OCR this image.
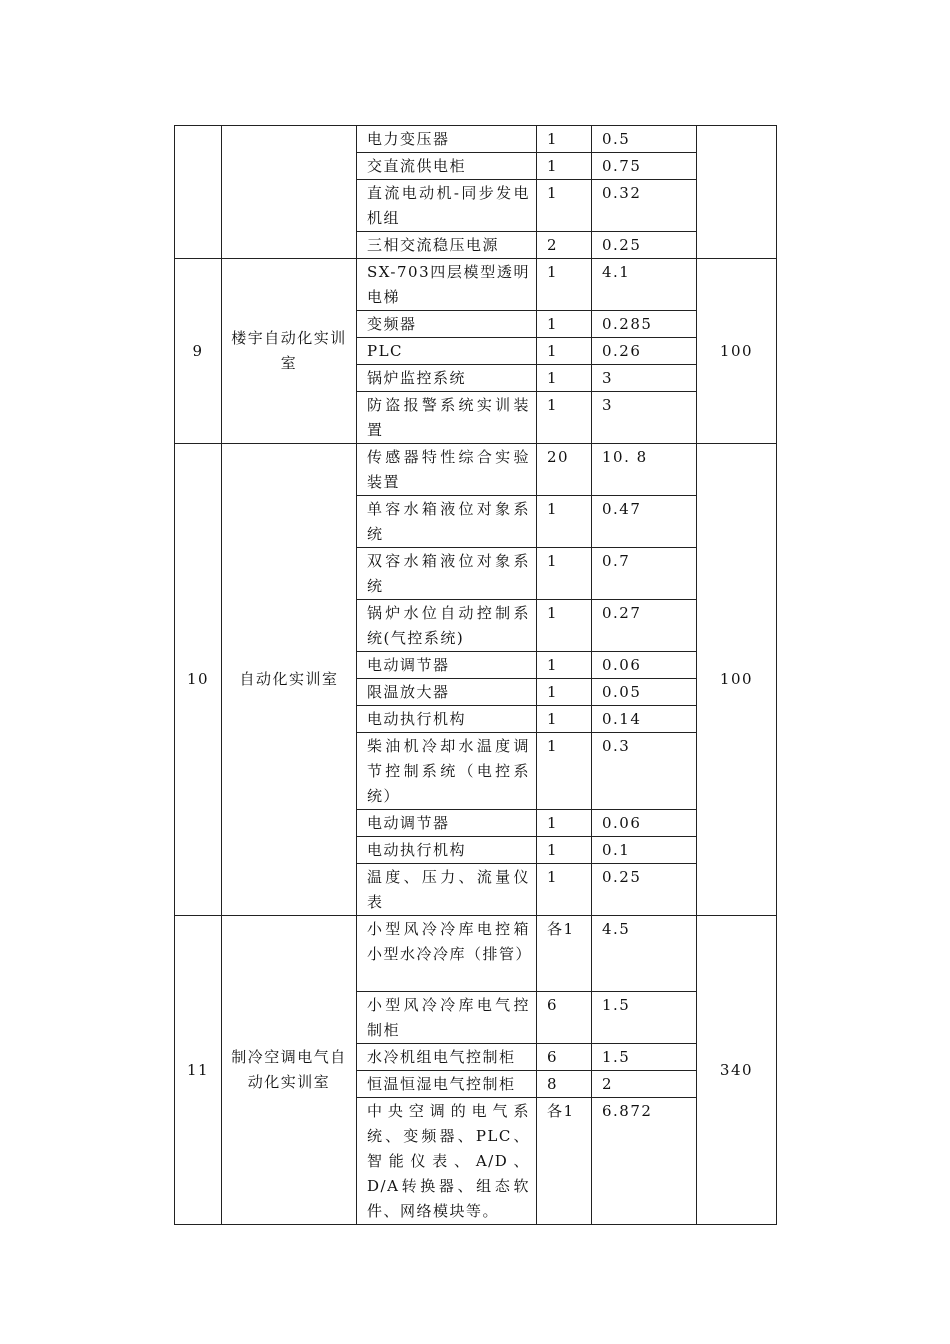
		电力变压器	1	0.5	
		交直流供电柜	1	0.75	
		直流电动机-同步发电机组	1	0.32	
		三相交流稳压电源	2	0.25	
9	楼宇自动化实训室	SX-703四层模型透明电梯	1	4.1	100
		变频器	1	0.285	
		PLC	1	0.26	
		锅炉监控系统	1	3	
		防盗报警系统实训装置	1	3	
10	自动化实训室	传感器特性综合实验装置	20	10. 8	100
		单容水箱液位对象系统	1	0.47	
		双容水箱液位对象系统	1	0.7	
		锅炉水位自动控制系统(气控系统)	1	0.27	
		电动调节器	1	0.06	
		限温放大器	1	0.05	
		电动执行机构	1	0.14	
		柴油机冷却水温度调节控制系统（电控系统）	1	0.3	
		电动调节器	1	0.06	
		电动执行机构	1	0.1	
		温度、压力、流量仪表	1	0.25	
11	制冷空调电气自动化实训室	小型风冷冷库电控箱小型水冷冷库（排管）	各1	4.5	340
		小型风冷冷库电气控制柜	6	1.5	
		水冷机组电气控制柜	6	1.5	
		恒温恒湿电气控制柜	8	2	
		中央空调的电气系统、变频器、PLC、智能仪表、A/D、D/A转换器、组态软件、网络模块等。	各1	6.872	
